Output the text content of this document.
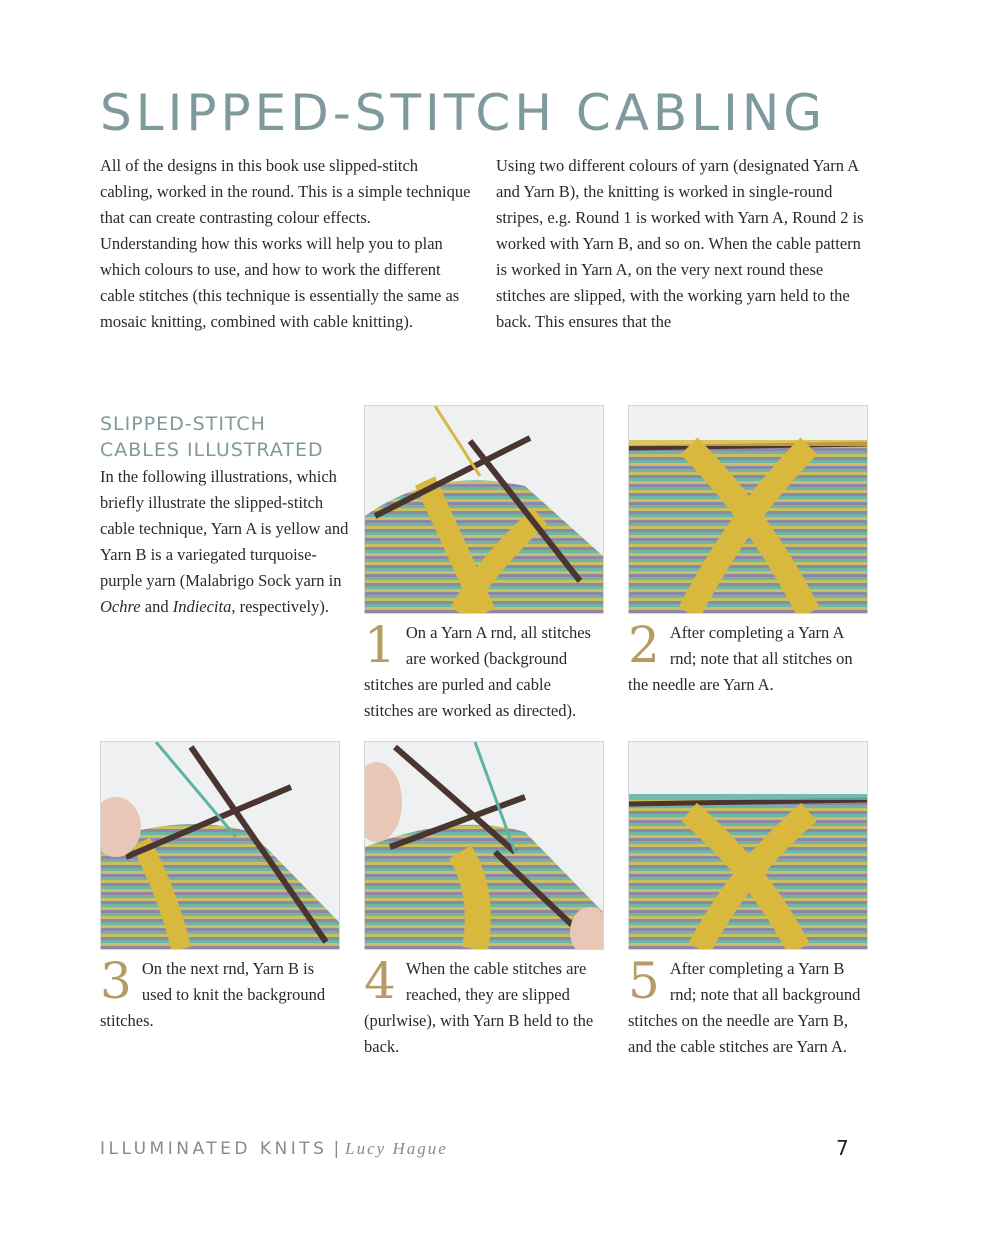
SLIPPED-STITCH CABLING

All of the designs in this book use slipped-stitch cabling, worked in the round. This is a simple technique that can create contrasting colour effects. Understanding how this works will help you to plan which colours to use, and how to work the different cable stitches (this technique is essentially the same as mosaic knitting, combined with cable knitting).

Using two different colours of yarn (designated Yarn A and Yarn B), the knitting is worked in single-round stripes, e.g. Round 1 is worked with Yarn A, Round 2 is worked with Yarn B, and so on. When the cable pattern is worked in Yarn A, on the very next round these stitches are slipped, with the working yarn held to the back. This ensures that the

SLIPPED-STITCH
CABLES ILLUSTRATED

In the following illustrations, which briefly illustrate the slipped-stitch cable technique, Yarn A is yellow and Yarn B is a variegated turquoise-purple yarn (Malabrigo Sock yarn in Ochre and Indiecita, respectively).

1 On a Yarn A rnd, all stitches are worked (background stitches are purled and cable stitches are worked as directed).

2 After completing a Yarn A rnd; note that all stitches on the needle are Yarn A.

3 On the next rnd, Yarn B is used to knit the background stitches.

4 When the cable stitches are reached, they are slipped (purlwise), with Yarn B held to the back.

5 After completing a Yarn B rnd; note that all background stitches on the needle are Yarn B, and the cable stitches are Yarn A.

ILLUMINATED KNITS | Lucy Hague	7
